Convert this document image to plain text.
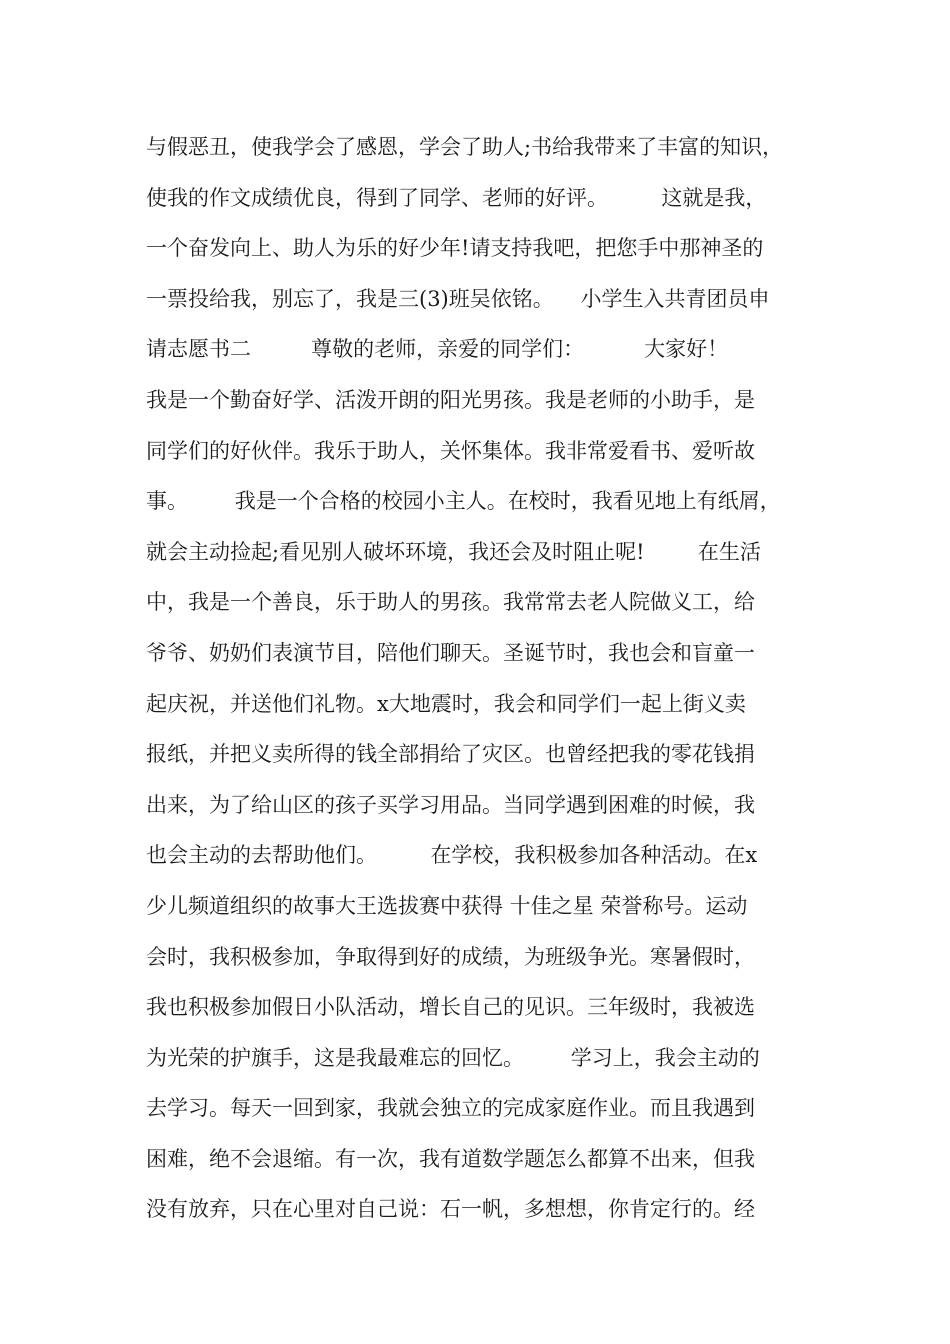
与假恶丑，使我学会了感恩，学会了助人;书给我带来了丰富的知识，
使我的作文成绩优良，得到了同学、老师的好评。        这就是我，
一个奋发向上、助人为乐的好少年!请支持我吧，把您手中那神圣的
一票投给我，别忘了，我是三(3)班吴依铭。    小学生入共青团员申
请志愿书二         尊敬的老师，亲爱的同学们：         大家好！
我是一个勤奋好学、活泼开朗的阳光男孩。我是老师的小助手，是
同学们的好伙伴。我乐于助人，关怀集体。我非常爱看书、爱听故
事。       我是一个合格的校园小主人。在校时，我看见地上有纸屑，
就会主动捡起;看见别人破坏环境，我还会及时阻止呢!        在生活
中，我是一个善良，乐于助人的男孩。我常常去老人院做义工，给
爷爷、奶奶们表演节目，陪他们聊天。圣诞节时，我也会和盲童一
起庆祝，并送他们礼物。x大地震时，我会和同学们一起上街义卖
报纸，并把义卖所得的钱全部捐给了灾区。也曾经把我的零花钱捐
出来，为了给山区的孩子买学习用品。当同学遇到困难的时候，我
也会主动的去帮助他们。        在学校，我积极参加各种活动。在x
少儿频道组织的故事大王选拔赛中获得 十佳之星 荣誉称号。运动
会时，我积极参加，争取得到好的成绩，为班级争光。寒暑假时，
我也积极参加假日小队活动，增长自己的见识。三年级时，我被选
为光荣的护旗手，这是我最难忘的回忆。       学习上，我会主动的
去学习。每天一回到家，我就会独立的完成家庭作业。而且我遇到
困难，绝不会退缩。有一次，我有道数学题怎么都算不出来，但我
没有放弃，只在心里对自己说：石一帆，多想想，你肯定行的。经
